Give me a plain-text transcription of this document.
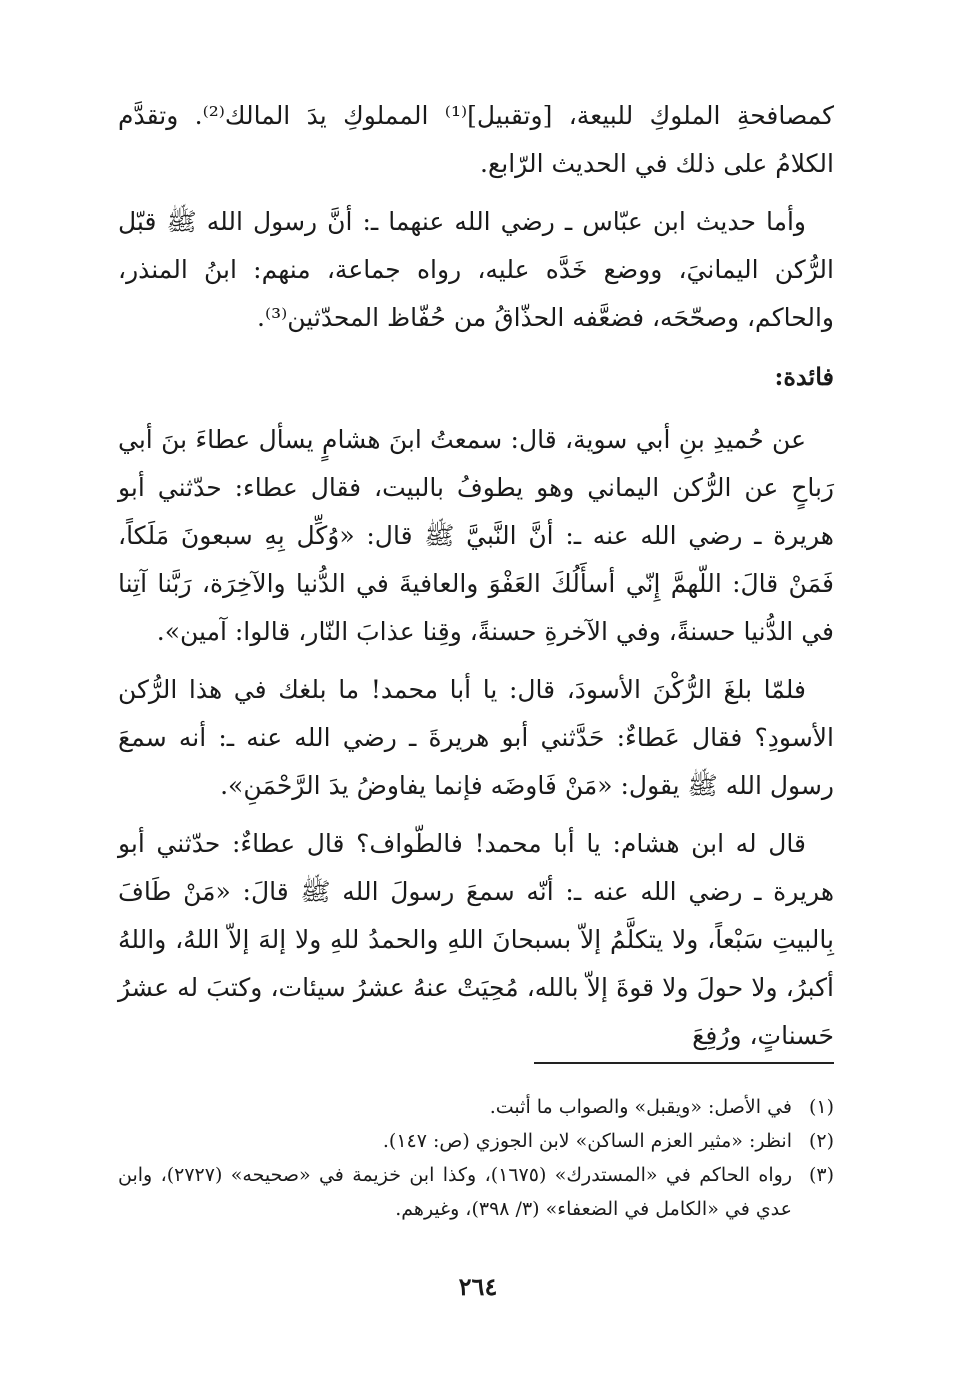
كمصافحةِ الملوكِ للبيعة، [وتقبيل]⁽¹⁾ المملوكِ يدَ المالك⁽²⁾. وتقدَّم الكلامُ على ذلك في الحديث الرّابع.

وأما حديث ابن عبّاس ـ رضي الله عنهما ـ: أنَّ رسول الله ﷺ قبّل الرُّكن اليمانيَ، ووضع خَدَّه عليه، رواه جماعة، منهم: ابنُ المنذر، والحاكم، وصحّحَه، فضعَّفه الحذّاقُ من حُفّاظ المحدّثين⁽³⁾.

فائدة:

عن حُميدِ بنِ أبي سوية، قال: سمعتُ ابنَ هشامٍ يسأل عطاءَ بنَ أبي رَباحٍ عن الرُّكن اليماني وهو يطوفُ بالبيت، فقال عطاء: حدّثني أبو هريرة ـ رضي الله عنه ـ: أنَّ النَّبيَّ ﷺ قال: «وُكِّل بِهِ سبعونَ مَلَكاً، فَمَنْ قالَ: اللّهمَّ إِنّي أسأَلُكَ العَفْوَ والعافيةَ في الدُّنيا والآخِرَة، رَبَّنا آتِنا في الدُّنيا حسنةً، وفي الآخرةِ حسنةً، وقِنا عذابَ النّار، قالوا: آمين».

فلمّا بلغَ الرُّكْنَ الأسودَ، قال: يا أبا محمد! ما بلغك في هذا الرُّكن الأسودِ؟ فقال عَطاءٌ: حَدَّثني أبو هريرةَ ـ رضي الله عنه ـ: أنه سمعَ رسول الله ﷺ يقول: «مَنْ فَاوضَه فإنما يفاوضُ يدَ الرَّحْمَنِ».

قال له ابن هشام: يا أبا محمد! فالطّواف؟ قال عطاءٌ: حدّثني أبو هريرة ـ رضي الله عنه ـ: أنّه سمعَ رسولَ الله ﷺ قالَ: «مَنْ طَافَ بِالبيتِ سَبْعاً، ولا يتكلَّمُ إلاّ بسبحانَ اللهِ والحمدُ للهِ ولا إلهَ إلاّ اللهُ، واللهُ أكبرُ، ولا حولَ ولا قوةَ إلاّ بالله، مُحِيَتْ عنهُ عشرُ سيئات، وكتبَ له عشرُ حَسناتٍ، ورُفِعَ

(١)
في الأصل: «ويقبل» والصواب ما أثبت.
(٢)
انظر: «مثير العزم الساكن» لابن الجوزي (ص: ١٤٧).
(٣)
رواه الحاكم في «المستدرك» (١٦٧٥)، وكذا ابن خزيمة في «صحيحه» (٢٧٢٧)، وابن عدي في «الكامل في الضعفاء» (٣/ ٣٩٨)، وغيرهم.
٢٦٤
